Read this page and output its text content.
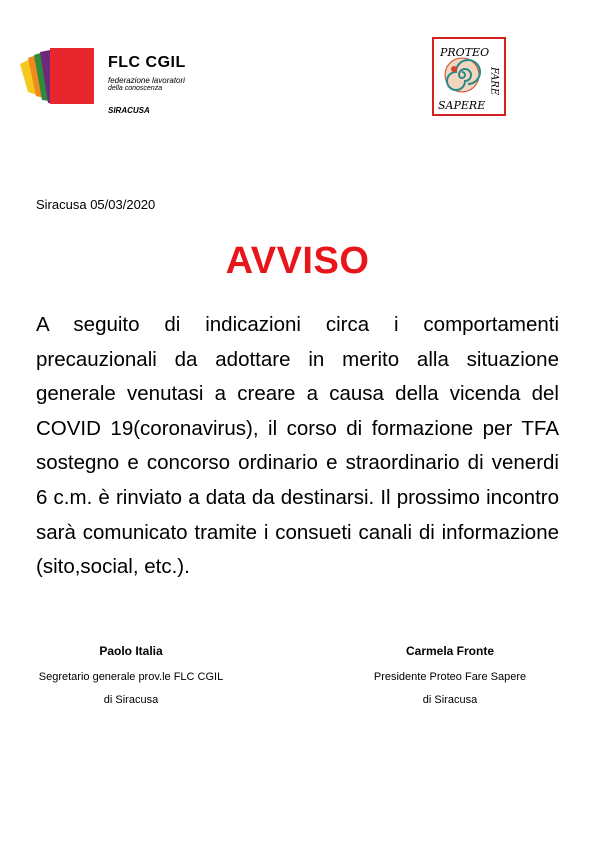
FLC CGIL
federazione lavoratori
della conoscenza
SIRACUSA
PROTEO
FARE
SAPERE
Siracusa 05/03/2020
AVVISO
A seguito di indicazioni circa i comportamenti precauzionali da adottare in merito alla situazione generale venutasi a creare a causa della vicenda del COVID 19(coronavirus), il corso di formazione per TFA sostegno e concorso ordinario e straordinario di venerdi 6 c.m. è rinviato a data da destinarsi. Il prossimo incontro sarà comunicato tramite i consueti canali di informazione (sito,social, etc.).
Paolo Italia
Segretario generale prov.le FLC CGIL
di Siracusa
Carmela Fronte
Presidente Proteo Fare Sapere
di Siracusa
